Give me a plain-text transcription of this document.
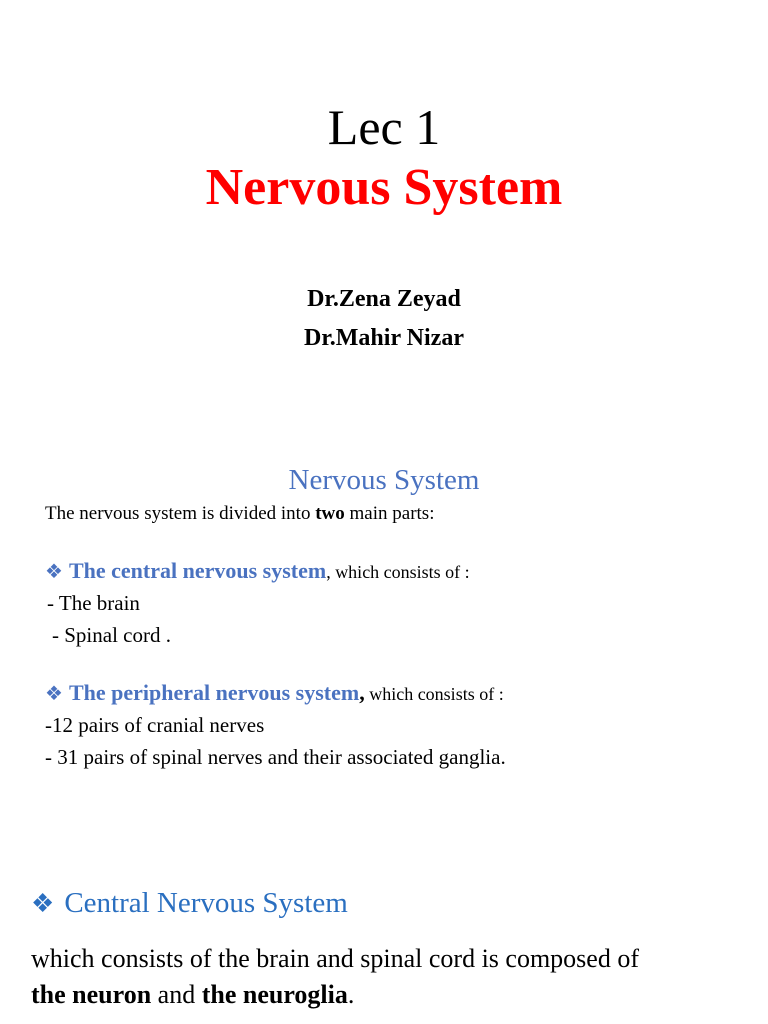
Lec 1
Nervous System
Dr.Zena Zeyad
Dr.Mahir Nizar
Nervous System
The nervous system is divided into two main parts:
❖ The central nervous system, which consists of :
- The brain
- Spinal cord .
❖ The peripheral nervous system, which consists of :
-12 pairs of cranial nerves
- 31 pairs of spinal nerves and their associated ganglia.
❖ Central Nervous System
which consists of the brain and spinal cord is composed of
the neuron and the neuroglia.
